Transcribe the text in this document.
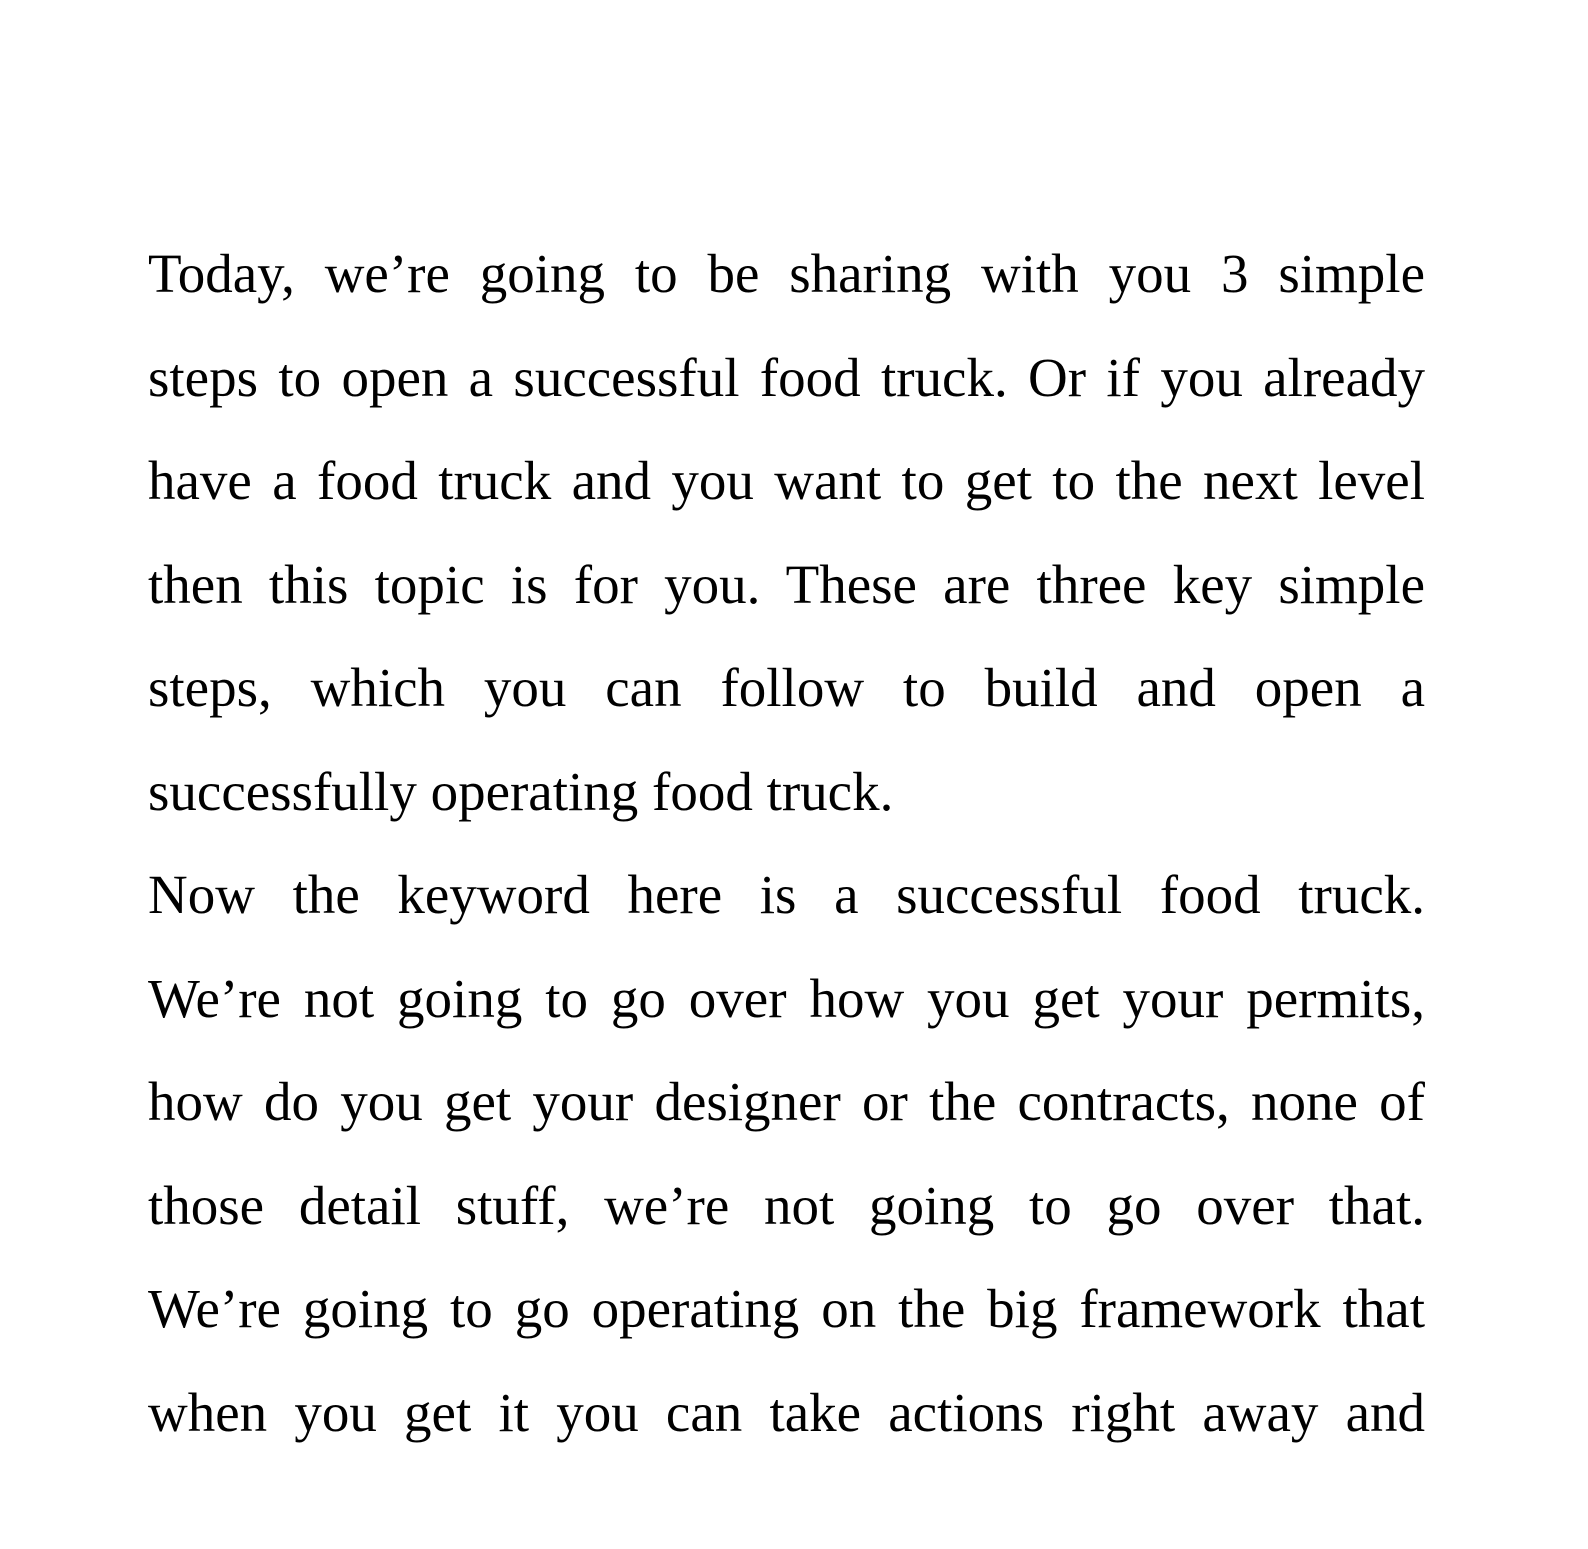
Today, we’re going to be sharing with you 3 simple
steps to open a successful food truck. Or if you already
have a food truck and you want to get to the next level
then this topic is for you. These are three key simple
steps, which you can follow to build and open a
successfully operating food truck.
Now the keyword here is a successful food truck.
We’re not going to go over how you get your permits,
how do you get your designer or the contracts, none of
those detail stuff, we’re not going to go over that.
We’re going to go operating on the big framework that
when you get it you can take actions right away and
